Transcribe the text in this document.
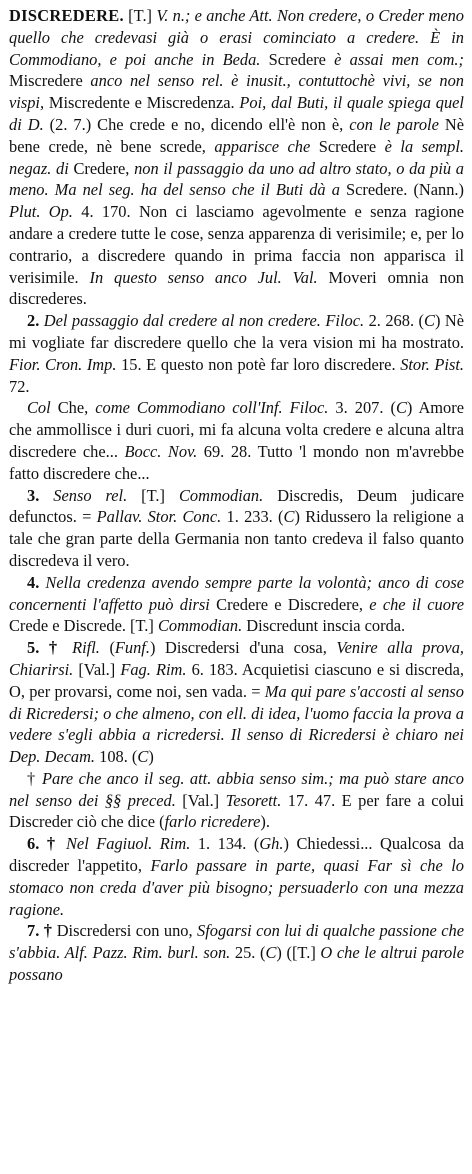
DISCREDERE. [T.] V. n.; e anche Att. Non credere, o Creder meno quello che credevasi già o erasi cominciato a credere. È in Commodiano, e poi anche in Beda. Scredere è assai men com.; Miscredere anco nel senso rel. è inusit., contuttochè vivi, se non vispi, Miscredente e Miscredenza. Poi, dal Buti, il quale spiega quel di D. (2. 7.) Che crede e no, dicendo ell'è non è, con le parole Nè bene crede, nè bene screde, apparisce che Scredere è la sempl. negaz. di Credere, non il passaggio da uno ad altro stato, o da più a meno. Ma nel seg. ha del senso che il Buti dà a Scredere. (Nann.) Plut. Op. 4. 170. Non ci lasciamo agevolmente e senza ragione andare a credere tutte le cose, senza apparenza di verisimile; e, per lo contrario, a discredere quando in prima faccia non apparisca il verisimile. In questo senso anco Jul. Val. Moveri omnia non discrederes.

2. Del passaggio dal credere al non credere. Filoc. 2. 268. (C) Nè mi vogliate far discredere quello che la vera vision mi ha mostrato. Fior. Cron. Imp. 15. E questo non potè far loro discredere. Stor. Pist. 72.

Col Che, come Commodiano coll'Inf. Filoc. 3. 207. (C) Amore che ammollisce i duri cuori, mi fa alcuna volta credere e alcuna altra discredere che... Bocc. Nov. 69. 28. Tutto 'l mondo non m'avrebbe fatto discredere che...

3. Senso rel. [T.] Commodian. Discredis, Deum judicare defunctos. = Pallav. Stor. Conc. 1. 233. (C) Ridussero la religione a tale che gran parte della Germania non tanto credeva il falso quanto discredeva il vero.

4. Nella credenza avendo sempre parte la volontà; anco di cose concernenti l'affetto può dirsi Credere e Discredere, e che il cuore Crede e Discrede. [T.] Commodian. Discredunt inscia corda.

5. † Rifl. (Funf.) Discredersi d'una cosa, Venire alla prova, Chiarirsi. [Val.] Fag. Rim. 6. 183. Acquietisi ciascuno e si discreda, O, per provarsi, come noi, sen vada. = Ma qui pare s'accosti al senso di Ricredersi; o che almeno, con ell. di idea, l'uomo faccia la prova a vedere s'egli abbia a ricredersi. Il senso di Ricredersi è chiaro nei Dep. Decam. 108. (C)

† Pare che anco il seg. att. abbia senso sim.; ma può stare anco nel senso dei §§ preced. [Val.] Tesorett. 17. 47. E per fare a colui Discreder ciò che dice (farlo ricredere).

6. † Nel Fagiuol. Rim. 1. 134. (Gh.) Chiedessi... Qualcosa da discreder l'appetito, Farlo passare in parte, quasi Far sì che lo stomaco non creda d'aver più bisogno; persuaderlo con una mezza ragione.

7. † Discredersi con uno, Sfogarsi con lui di qualche passione che s'abbia. Alf. Pazz. Rim. burl. son. 25. (C) ([T.] O che le altrui parole possano
